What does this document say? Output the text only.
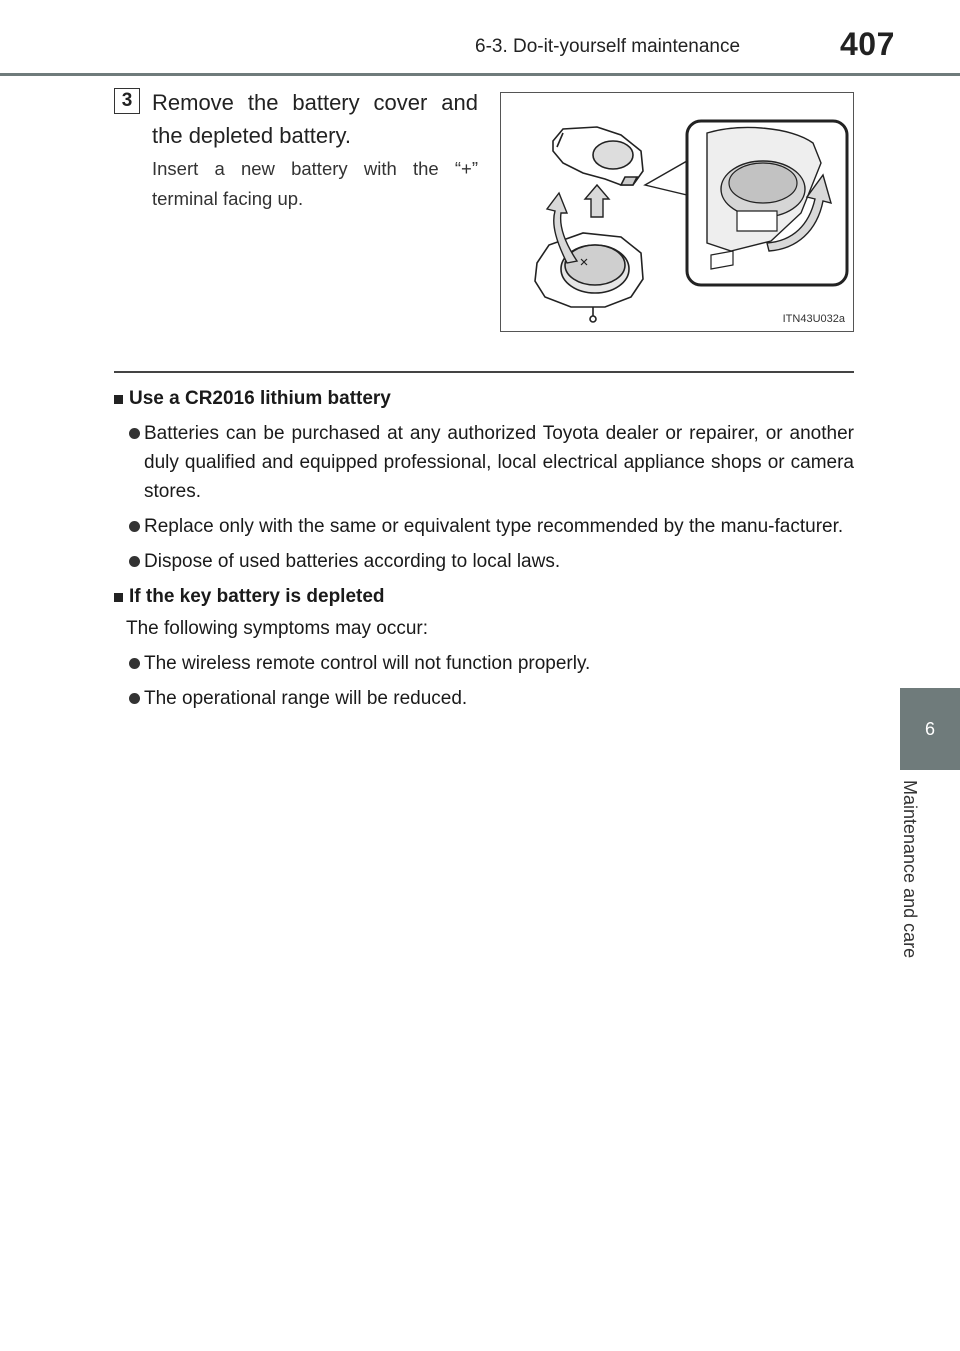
6-3. Do-it-yourself maintenance	407
6
Maintenance and care
3 Remove the battery cover and the depleted battery.
Insert a new battery with the “+” terminal facing up.
ITN43U032a

Use a CR2016 lithium battery

Batteries can be purchased at any authorized Toyota dealer or repairer, or another duly qualified and equipped professional, local electrical appliance shops or camera stores.

Replace only with the same or equivalent type recommended by the manu-facturer.

Dispose of used batteries according to local laws.

If the key battery is depleted

The following symptoms may occur:

The wireless remote control will not function properly.

The operational range will be reduced.
